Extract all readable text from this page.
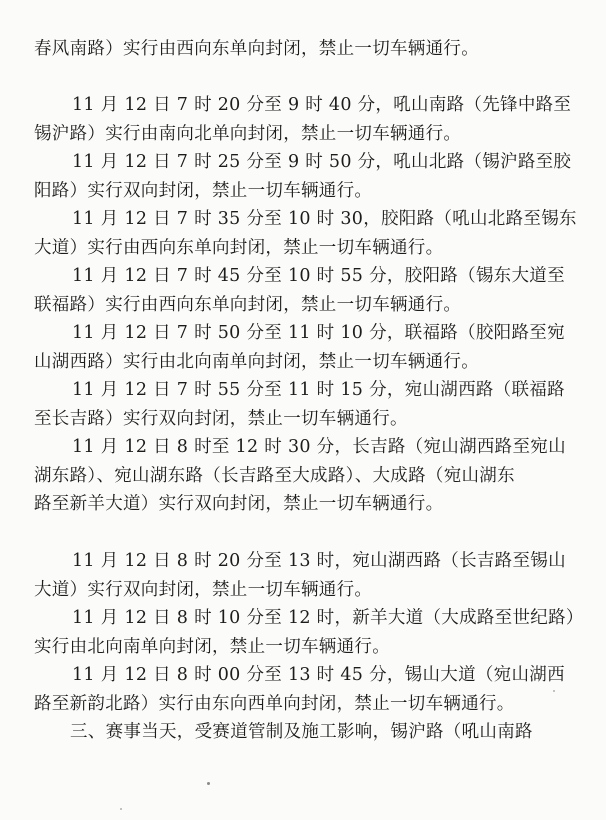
春风南路）实行由西向东单向封闭，禁止一切车辆通行。
11 月 12 日 7 时 20 分至 9 时 40 分，吼山南路（先锋中路至
锡沪路）实行由南向北单向封闭，禁止一切车辆通行。
11 月 12 日 7 时 25 分至 9 时 50 分，吼山北路（锡沪路至胶
阳路）实行双向封闭，禁止一切车辆通行。
11 月 12 日 7 时 35 分至 10 时 30，胶阳路（吼山北路至锡东
大道）实行由西向东单向封闭，禁止一切车辆通行。
11 月 12 日 7 时 45 分至 10 时 55 分，胶阳路（锡东大道至
联福路）实行由西向东单向封闭，禁止一切车辆通行。
11 月 12 日 7 时 50 分至 11 时 10 分，联福路（胶阳路至宛
山湖西路）实行由北向南单向封闭，禁止一切车辆通行。
11 月 12 日 7 时 55 分至 11 时 15 分，宛山湖西路（联福路
至长吉路）实行双向封闭，禁止一切车辆通行。
11 月 12 日 8 时至 12 时 30 分，长吉路（宛山湖西路至宛山
湖东路）、宛山湖东路（长吉路至大成路）、大成路（宛山湖东
路至新羊大道）实行双向封闭，禁止一切车辆通行。
11 月 12 日 8 时 20 分至 13 时，宛山湖西路（长吉路至锡山
大道）实行双向封闭，禁止一切车辆通行。
11 月 12 日 8 时 10 分至 12 时，新羊大道（大成路至世纪路）
实行由北向南单向封闭，禁止一切车辆通行。
11 月 12 日 8 时 00 分至 13 时 45 分，锡山大道（宛山湖西
路至新韵北路）实行由东向西单向封闭，禁止一切车辆通行。
三、赛事当天，受赛道管制及施工影响，锡沪路（吼山南路
